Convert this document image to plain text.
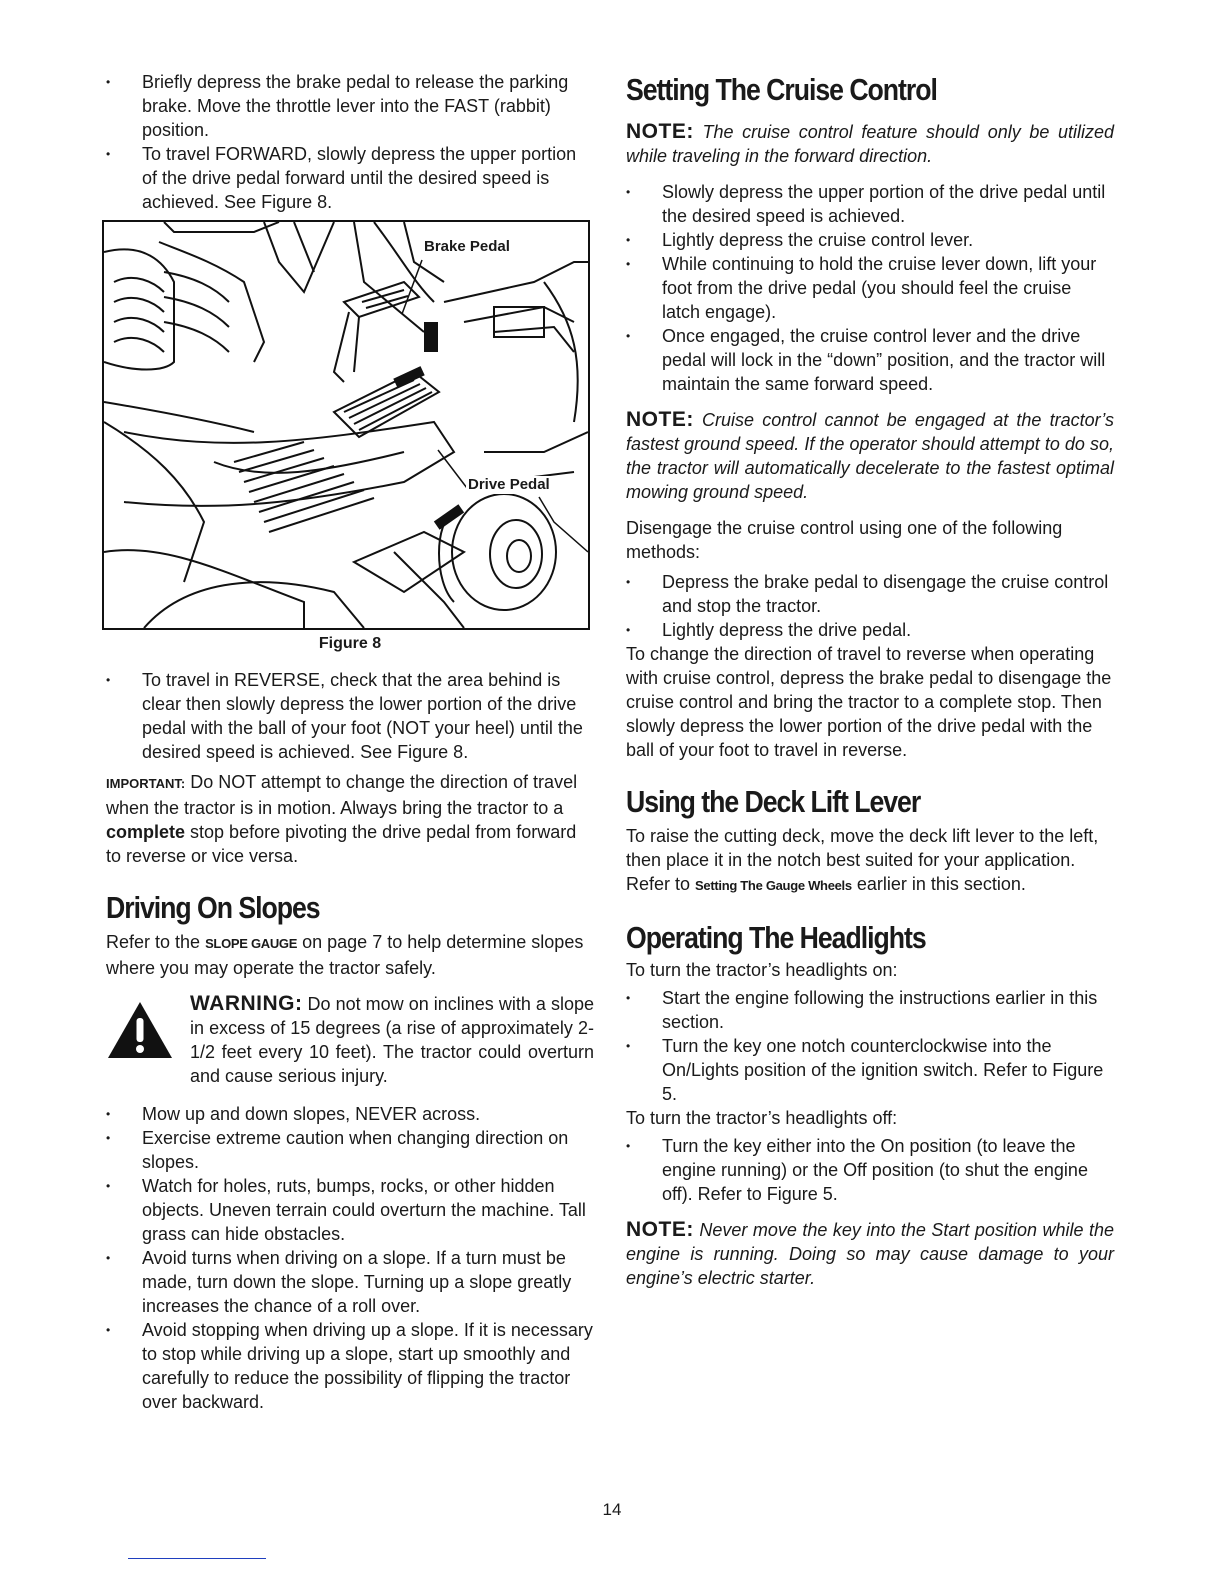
• Briefly depress the brake pedal to release the parking brake. Move the throttle lever into the FAST (rabbit) position.
• To travel FORWARD, slowly depress the upper portion of the drive pedal forward until the desired speed is achieved. See Figure 8.
Brake Pedal
Drive Pedal
Figure 8
• To travel in REVERSE, check that the area behind is clear then slowly depress the lower portion of the drive pedal with the ball of your foot (NOT your heel) until the desired speed is achieved. See Figure 8.

IMPORTANT: Do NOT attempt to change the direction of travel when the tractor is in motion. Always bring the tractor to a complete stop before pivoting the drive pedal from forward to reverse or vice versa.

Driving On Slopes

Refer to the SLOPE GAUGE on page 7 to help determine slopes where you may operate the tractor safely.

WARNING: Do not mow on inclines with a slope in excess of 15 degrees (a rise of approximately 2-1/2 feet every 10 feet). The tractor could overturn and cause serious injury.
• Mow up and down slopes, NEVER across.
• Exercise extreme caution when changing direction on slopes.
• Watch for holes, ruts, bumps, rocks, or other hidden objects. Uneven terrain could overturn the machine. Tall grass can hide obstacles.
• Avoid turns when driving on a slope. If a turn must be made, turn down the slope. Turning up a slope greatly increases the chance of a roll over.
• Avoid stopping when driving up a slope. If it is necessary to stop while driving up a slope, start up smoothly and carefully to reduce the possibility of flipping the tractor over backward.
Setting The Cruise Control

NOTE: The cruise control feature should only be utilized while traveling in the forward direction.

• Slowly depress the upper portion of the drive pedal until the desired speed is achieved.
• Lightly depress the cruise control lever.
• While continuing to hold the cruise lever down, lift your foot from the drive pedal (you should feel the cruise latch engage).
• Once engaged, the cruise control lever and the drive pedal will lock in the “down” position, and the tractor will maintain the same forward speed.

NOTE: Cruise control cannot be engaged at the tractor’s fastest ground speed. If the operator should attempt to do so, the tractor will automatically decelerate to the fastest optimal mowing ground speed.

Disengage the cruise control using one of the following methods:

• Depress the brake pedal to disengage the cruise control and stop the tractor.
• Lightly depress the drive pedal.

To change the direction of travel to reverse when operating with cruise control, depress the brake pedal to disengage the cruise control and bring the tractor to a complete stop. Then slowly depress the lower portion of the drive pedal with the ball of your foot to travel in reverse.

Using the Deck Lift Lever

To raise the cutting deck, move the deck lift lever to the left, then place it in the notch best suited for your application. Refer to Setting The Gauge Wheels earlier in this section.

Operating The Headlights

To turn the tractor’s headlights on:

• Start the engine following the instructions earlier in this section.
• Turn the key one notch counterclockwise into the On/Lights position of the ignition switch. Refer to Figure 5.

To turn the tractor’s headlights off:

• Turn the key either into the On position (to leave the engine running) or the Off position (to shut the engine off). Refer to Figure 5.

NOTE: Never move the key into the Start position while the engine is running. Doing so may cause damage to your engine’s electric starter.

14
